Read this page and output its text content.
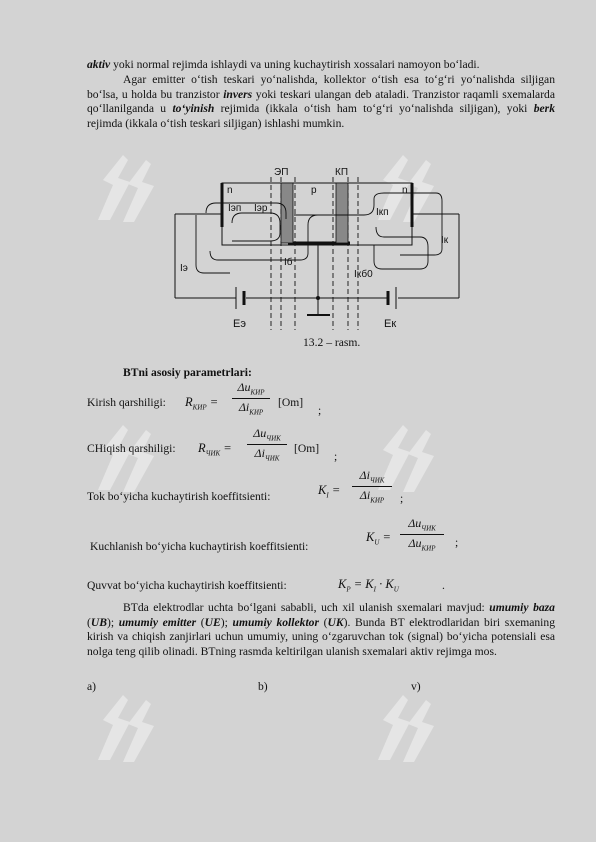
aktiv yoki normal rejimda ishlaydi va uning kuchaytirish xossalari namoyon bo‘ladi.
Agar emitter o‘tish teskari yo‘nalishda, kollektor o‘tish esa to‘g‘ri yo‘nalishda siljigan bo‘lsa, u holda bu tranzistor invers yoki teskari ulangan deb ataladi. Tranzistor raqamli sxemalarda qo‘llanilganda u to‘yinish rejimida (ikkala o‘tish ham to‘g‘ri yo‘nalishda siljigan), yoki berk rejimda (ikkala o‘tish teskari siljigan) ishlashi mumkin.
ЭП	КП
n	p	n
Iэп Iэр	Iкп
Iк
Iэ
Iб
Iкб0
Eэ	Eк
13.2 – rasm.
BTni asosiy parametrlari:
Kirish qarshiligi: $R_{КИР}$ =
$\Delta u_{КИР}$
$\Delta i_{КИР}$
[Om]
;
CHiqish qarshiligi: $R_{ЧИК}$ =
$\Delta u_{ЧИК}$
$\Delta i_{ЧИК}$
[Om]
;
Tok bo‘yicha kuchaytirish koeffitsienti:	$K_I$ =
$\Delta i_{ЧИК}$
$\Delta i_{КИР}$	;
Kuchlanish bo‘yicha kuchaytirish koeffitsienti:
$K_U$ =
$\Delta u_{ЧИК}$
$\Delta u_{КИР}$	;
Quvvat bo‘yicha kuchaytirish koeffitsienti:	$K_P = K_I \cdot K_U$	.
BTda elektrodlar uchta bo‘lgani sababli, uch xil ulanish sxemalari mavjud: umumiy baza (UB); umumiy emitter (UE); umumiy kollektor (UK). Bunda BT elektrodlaridan biri sxemaning kirish va chiqish zanjirlari uchun umumiy, uning o‘zgaruvchan tok (signal) bo‘yicha potensiali esa nolga teng qilib olinadi. BTning rasmda keltirilgan ulanish sxemalari aktiv rejimga mos.
a)	b)	v)
